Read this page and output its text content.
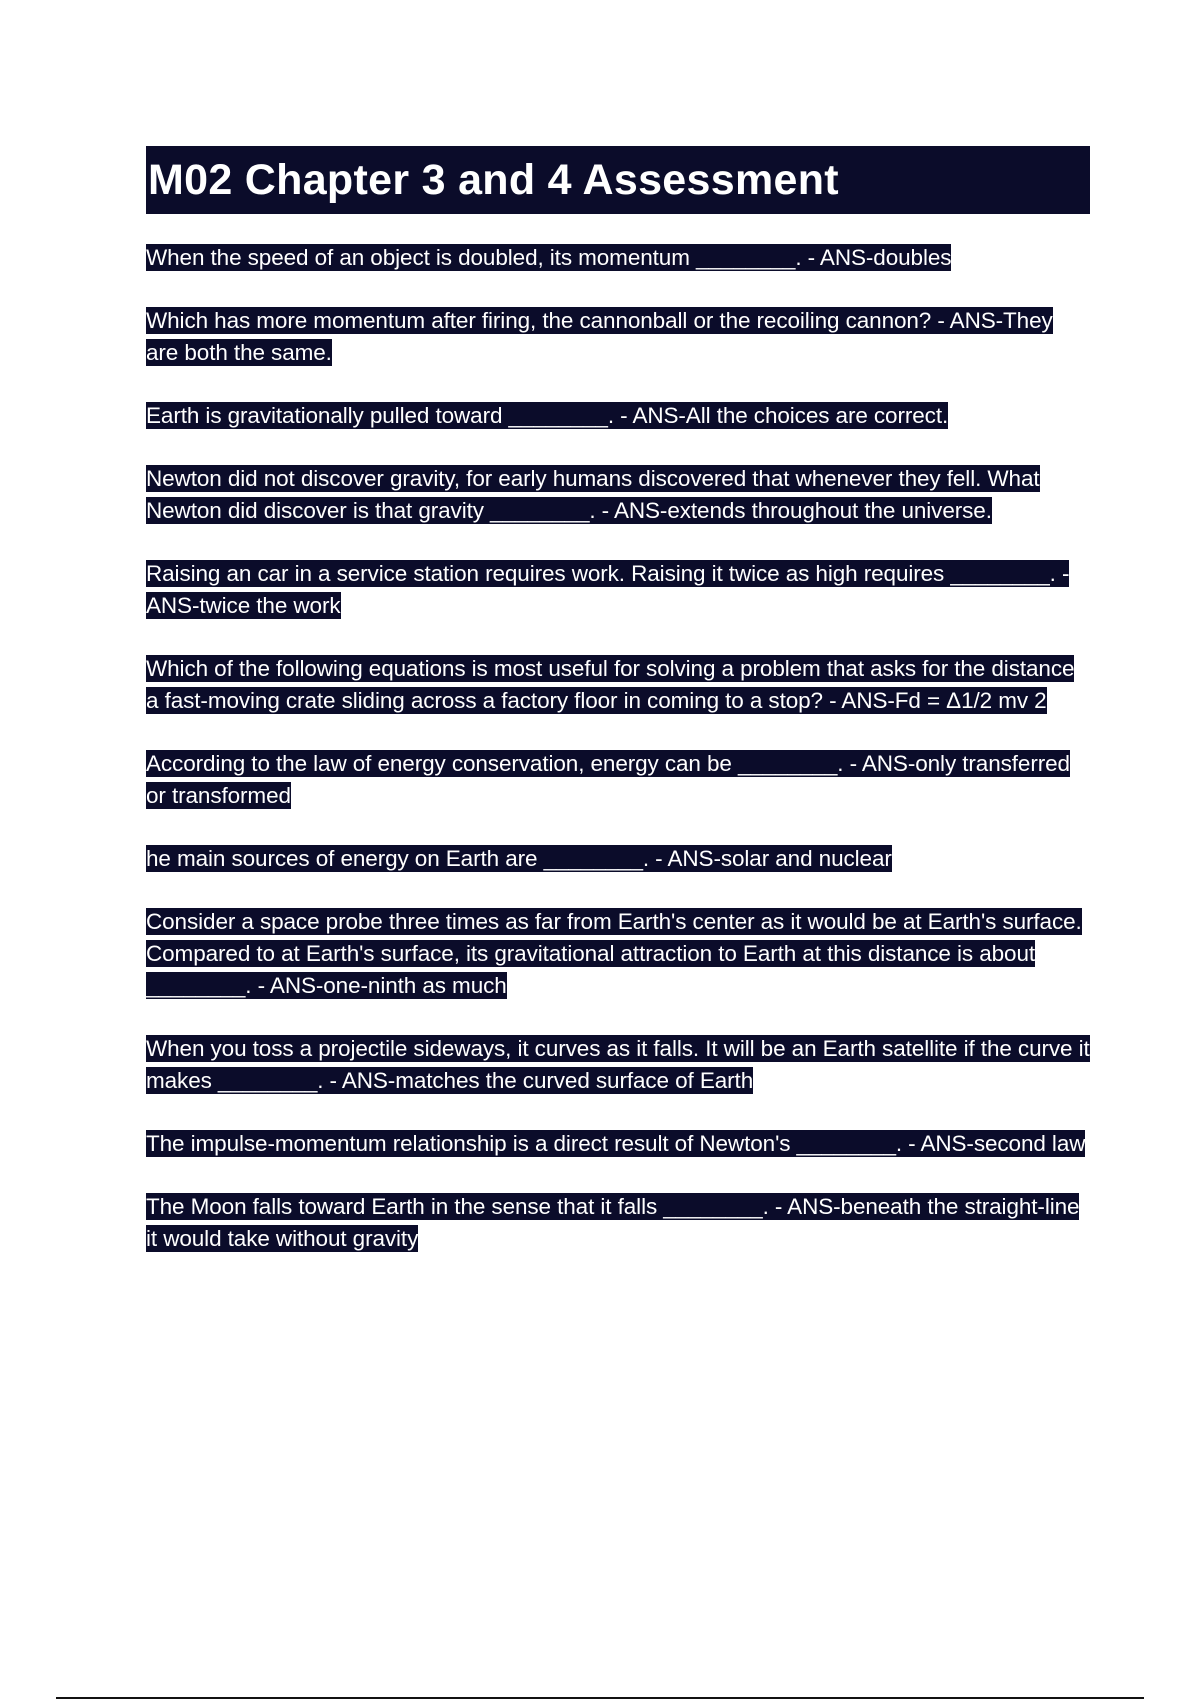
M02 Chapter 3 and 4 Assessment

When the speed of an object is doubled, its momentum ________. - ANS-doubles

Which has more momentum after firing, the cannonball or the recoiling cannon? - ANS-They are both the same.

Earth is gravitationally pulled toward ________. - ANS-All the choices are correct.

Newton did not discover gravity, for early humans discovered that whenever they fell. What Newton did discover is that gravity ________. - ANS-extends throughout the universe.

Raising an car in a service station requires work. Raising it twice as high requires ________. - ANS-twice the work

Which of the following equations is most useful for solving a problem that asks for the distance a fast-moving crate sliding across a factory floor in coming to a stop? - ANS-Fd = Δ1/2 mv 2

According to the law of energy conservation, energy can be ________. - ANS-only transferred or transformed

he main sources of energy on Earth are ________. - ANS-solar and nuclear

Consider a space probe three times as far from Earth's center as it would be at Earth's surface. Compared to at Earth's surface, its gravitational attraction to Earth at this distance is about ________. - ANS-one-ninth as much

When you toss a projectile sideways, it curves as it falls. It will be an Earth satellite if the curve it makes ________. - ANS-matches the curved surface of Earth

The impulse-momentum relationship is a direct result of Newton's ________. - ANS-second law

The Moon falls toward Earth in the sense that it falls ________. - ANS-beneath the straight-line it would take without gravity
